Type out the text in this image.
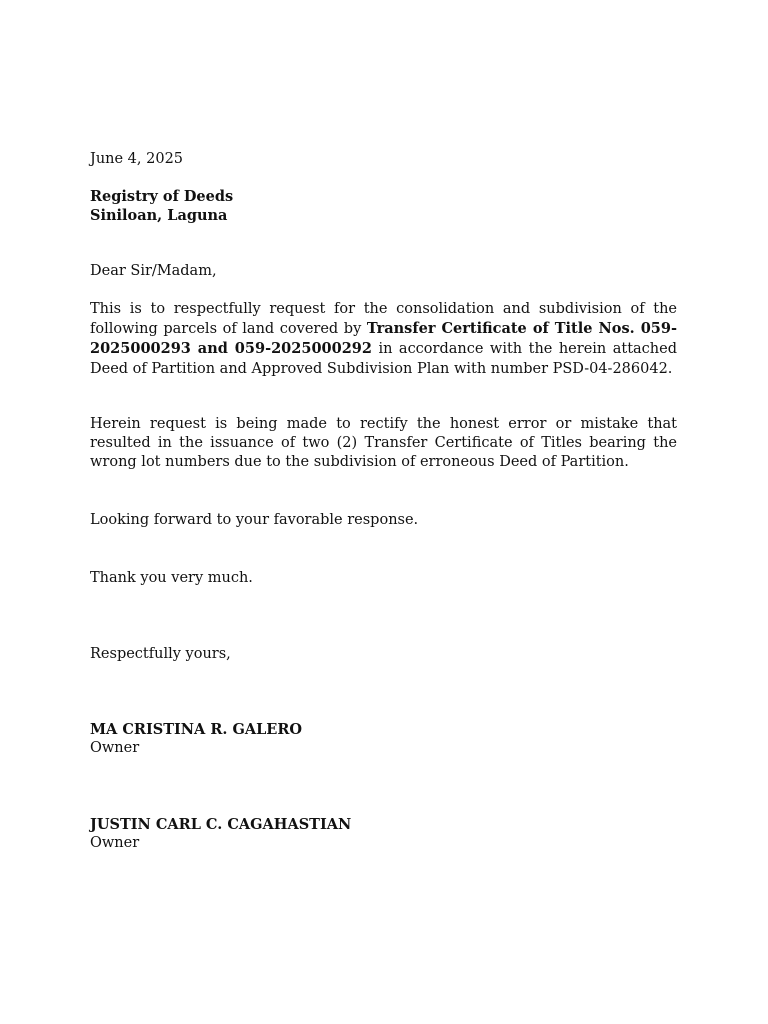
June 4, 2025

Registry of Deeds
Siniloan, Laguna

Dear Sir/Madam,

This is to respectfully request for the consolidation and subdivision of the following parcels of land covered by Transfer Certificate of Title Nos. 059-2025000293 and 059-2025000292 in accordance with the herein attached Deed of Partition and Approved Subdivision Plan with number PSD-04-286042.

Herein request is being made to rectify the honest error or mistake that resulted in the issuance of two (2) Transfer Certificate of Titles bearing the wrong lot numbers due to the subdivision of erroneous Deed of Partition.

Looking forward to your favorable response.

Thank you very much.

Respectfully yours,

MA CRISTINA R. GALERO
Owner
JUSTIN CARL C. CAGAHASTIAN
Owner
